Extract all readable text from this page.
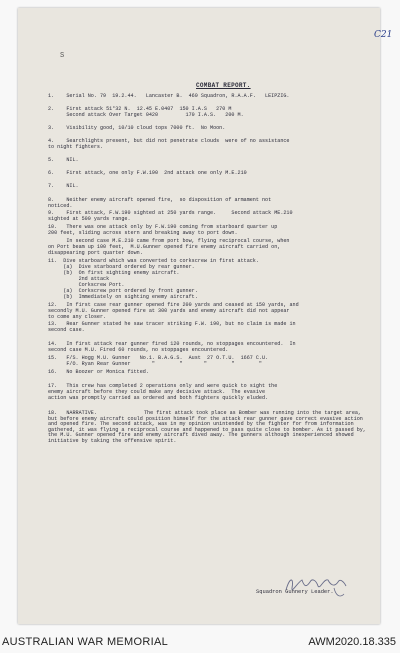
C21
S
COMBAT REPORT.
1.    Serial No. 79  19.2.44.   Lancaster B.  460 Squadron, R.A.A.F.   LEIPZIG.
2.    First attack 51°32 N.  12.45 E.0407  150 I.A.S   270 M
Second attack Over Target 0420         170 I.A.S.   200 M.
3.    Visibility good, 10/10 cloud tops 7000 ft.  No Moon.
4.    Searchlights present, but did not penetrate clouds  were of no assistance
to night fighters.
5.    NIL.
6.    First attack, one only F.W.190  2nd attack one only M.E.210
7.    NIL.
8.    Neither enemy aircraft opened fire,  so disposition of armament not
noticed.
9.    First attack, F.W.190 sighted at 250 yards range.     Second attack ME.210
sighted at 500 yards range.
10.   There was one attack only by F.W.190 coming from starboard quarter up
200 feet, sliding across stern and breaking away to port down.
In second case M.E.210 came from port bow, flying reciprocal course, when
on Port beam up 100 feet,  M.U.Gunner opened fire enemy aircraft carried on,
disappearing port quarter down.
11.  Dive starboard which was converted to corkscrew in first attack.
(a)  Dive starboard ordered by rear gunner.
(b)  On first sighting enemy aircraft.
2nd attack
Corkscrew Port.
(a)  Corkscrew port ordered by front gunner.
(b)  Immediately on sighting enemy aircraft.
12.   In first case rear gunner opened fire 200 yards and ceased at 150 yards, and
secondly M.U. Gunner opened fire at 300 yards and enemy aircraft did not appear
to come any closer.
13.   Rear Gunner stated he saw tracer striking F.W. 190, but no claim is made in
second case.
14.   In first attack rear gunner fired 120 rounds, no stoppages encountered.  In
second case M.U. Fired 60 rounds, no stoppages encountered.
15.   F/S. Hogg M.U. Gunner   No.1. B.A.G.S.  Aust  27 O.T.U.  1667 C.U.
F/O. Ryan Rear Gunner       "        "       "        "        "
16.   No Boozer or Monica fitted.
17.   This crew has completed 2 operations only and were quick to sight the
enemy aircraft before they could make any decisive attack.  The evasive
action was promptly carried as ordered and both fighters quickly eluded.
18.   NARRATIVE.	The first attack took place as Bomber was running into the target area, but before enemy aircraft could position himself for the attack rear gunner gave correct evasive action and opened fire. The second attack, was in my opinion unintended by the fighter for from information gathered, it was flying a reciprocal course and happened to pass quite close to bomber. As it passed by, the M.U. Gunner opened fire and enemy aircraft dived away. The gunners although inexperienced showed initiative by taking the offensive spirit.
Squadron Gunnery Leader.
AUSTRALIAN WAR MEMORIAL	AWM2020.18.335
